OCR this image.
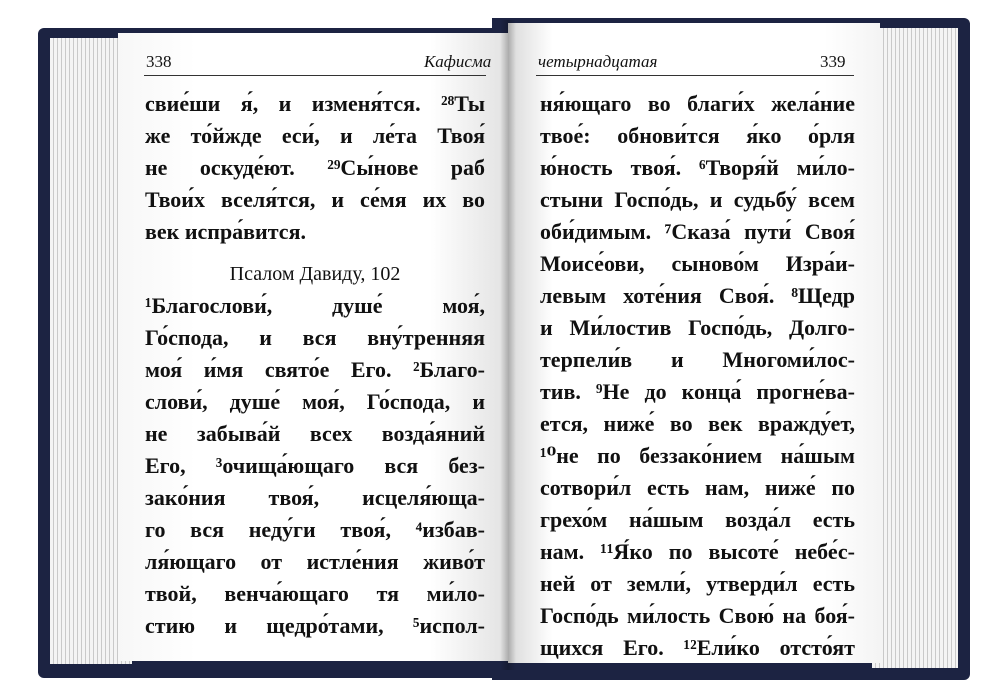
338	Кафисма	четырнадцатая	339
свие́ши я́, и изменя́тся. ²⁸Ты
же то́йжде еси́, и ле́та Твоя́
не оскуде́ют. ²⁹Сы́нове раб
Твои́х вселя́тся, и се́мя их во
век испра́вится.
Псалом Давиду, 102
¹Благослови́, душе́ моя́,
Го́спода, и вся вну́тренняя
моя́ и́мя свято́е Его. ²Благо-
слови́, душе́ моя́, Го́спода, и
не забыва́й всех возда́яний
Его, ³очища́ющаго вся без-
зако́ния твоя́, исцеля́юща-
го вся неду́ги твоя́, ⁴избав-
ля́ющаго от истле́ния живо́т
твой, венча́ющаго тя ми́ло-
стию и щедро́тами, ⁵испол-
ня́ющаго во благи́х жела́ние
твое́: обнови́тся я́ко о́рля
ю́ность твоя́. ⁶Творя́й ми́ло-
стыни Госпо́дь, и судьбу́ всем
оби́димым. ⁷Сказа́ пути́ Своя́
Моисе́ови, сыново́м Изра́и-
левым хоте́ния Своя́. ⁸Щедр
и Ми́лостив Госпо́дь, Долго-
терпели́в и Многоми́лос-
тив. ⁹Не до конца́ прогне́ва-
ется, ниже́ во век вражду́ет,
¹⁰не по беззако́нием на́шым
сотвори́л есть нам, ниже́ по
грехо́м на́шым возда́л есть
нам. ¹¹Я́ко по высоте́ небе́с-
ней от земли́, утверди́л есть
Госпо́дь ми́лость Свою́ на боя́-
щихся Его. ¹²Ели́ко отсто́ят
